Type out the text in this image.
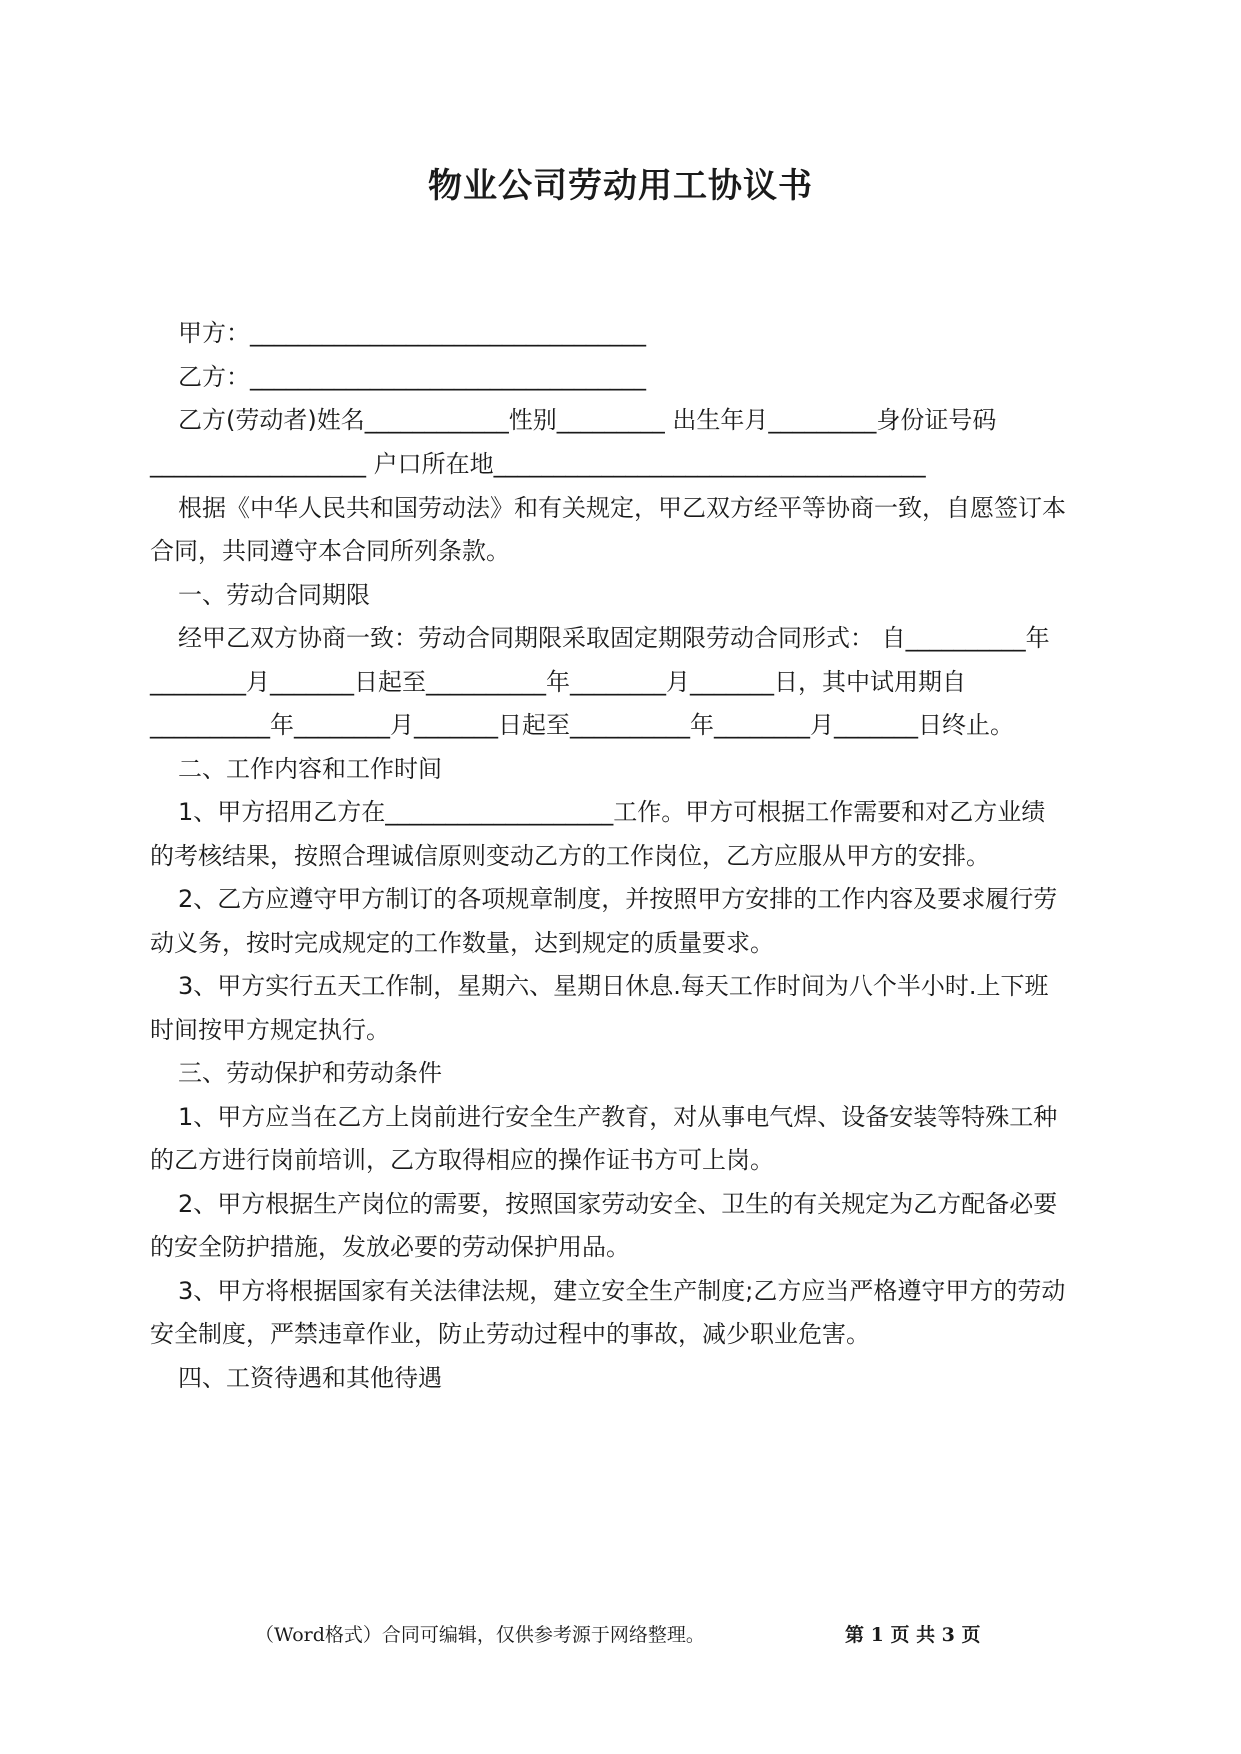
物业公司劳动用工协议书
甲方：_________________________________
乙方：_________________________________
乙方(劳动者)姓名____________性别_________ 出生年月_________身份证号码
__________________ 户口所在地____________________________________
根据《中华人民共和国劳动法》和有关规定，甲乙双方经平等协商一致，自愿签订本
合同，共同遵守本合同所列条款。
一、劳动合同期限
经甲乙双方协商一致：劳动合同期限采取固定期限劳动合同形式： 自__________年
________月_______日起至__________年________月_______日，其中试用期自
__________年________月_______日起至__________年________月_______日终止。
二、工作内容和工作时间
1、甲方招用乙方在___________________工作。甲方可根据工作需要和对乙方业绩
的考核结果，按照合理诚信原则变动乙方的工作岗位，乙方应服从甲方的安排。
2、乙方应遵守甲方制订的各项规章制度，并按照甲方安排的工作内容及要求履行劳
动义务，按时完成规定的工作数量，达到规定的质量要求。
3、甲方实行五天工作制，星期六、星期日休息.每天工作时间为八个半小时.上下班
时间按甲方规定执行。
三、劳动保护和劳动条件
1、甲方应当在乙方上岗前进行安全生产教育，对从事电气焊、设备安装等特殊工种
的乙方进行岗前培训，乙方取得相应的操作证书方可上岗。
2、甲方根据生产岗位的需要，按照国家劳动安全、卫生的有关规定为乙方配备必要
的安全防护措施，发放必要的劳动保护用品。
3、甲方将根据国家有关法律法规，建立安全生产制度;乙方应当严格遵守甲方的劳动
安全制度，严禁违章作业，防止劳动过程中的事故，减少职业危害。
四、工资待遇和其他待遇
（Word格式）合同可编辑，仅供参考源于网络整理。	第 1 页 共 3 页
